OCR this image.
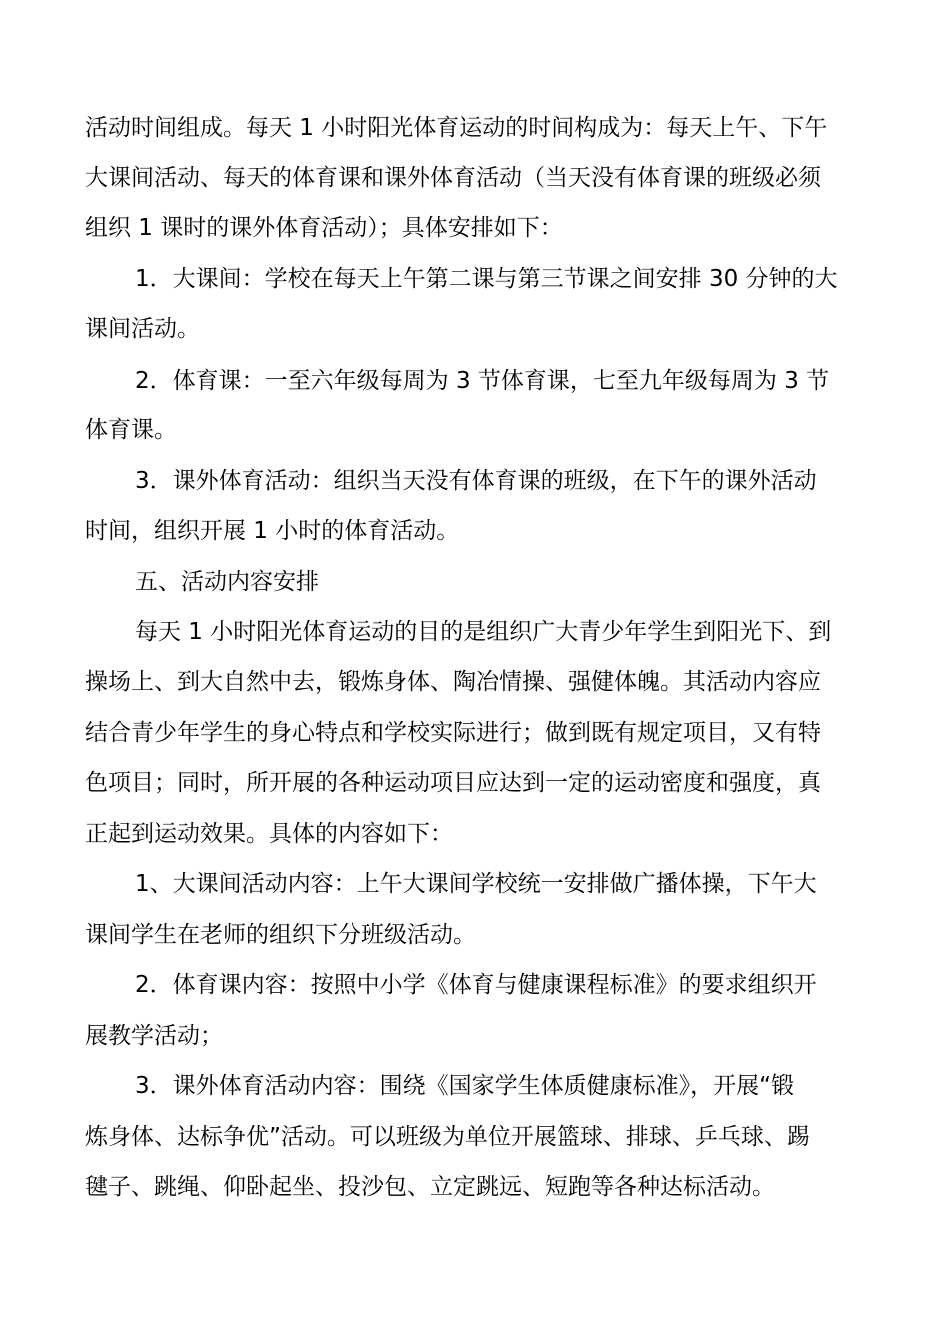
活动时间组成。每天 1 小时阳光体育运动的时间构成为：每天上午、下午
大课间活动、每天的体育课和课外体育活动（当天没有体育课的班级必须
组织 1 课时的课外体育活动）；具体安排如下：
1．大课间：学校在每天上午第二课与第三节课之间安排 30 分钟的大
课间活动。
2．体育课：一至六年级每周为 3 节体育课，七至九年级每周为 3 节
体育课。
3．课外体育活动：组织当天没有体育课的班级，在下午的课外活动
时间，组织开展 1 小时的体育活动。
五、活动内容安排
每天 1 小时阳光体育运动的目的是组织广大青少年学生到阳光下、到
操场上、到大自然中去，锻炼身体、陶冶情操、强健体魄。其活动内容应
结合青少年学生的身心特点和学校实际进行；做到既有规定项目，又有特
色项目；同时，所开展的各种运动项目应达到一定的运动密度和强度，真
正起到运动效果。具体的内容如下：
1、大课间活动内容：上午大课间学校统一安排做广播体操，下午大
课间学生在老师的组织下分班级活动。
2．体育课内容：按照中小学《体育与健康课程标准》的要求组织开
展教学活动；
3．课外体育活动内容：围绕《国家学生体质健康标准》，开展“锻
炼身体、达标争优”活动。可以班级为单位开展篮球、排球、乒乓球、踢
毽子、跳绳、仰卧起坐、投沙包、立定跳远、短跑等各种达标活动。
